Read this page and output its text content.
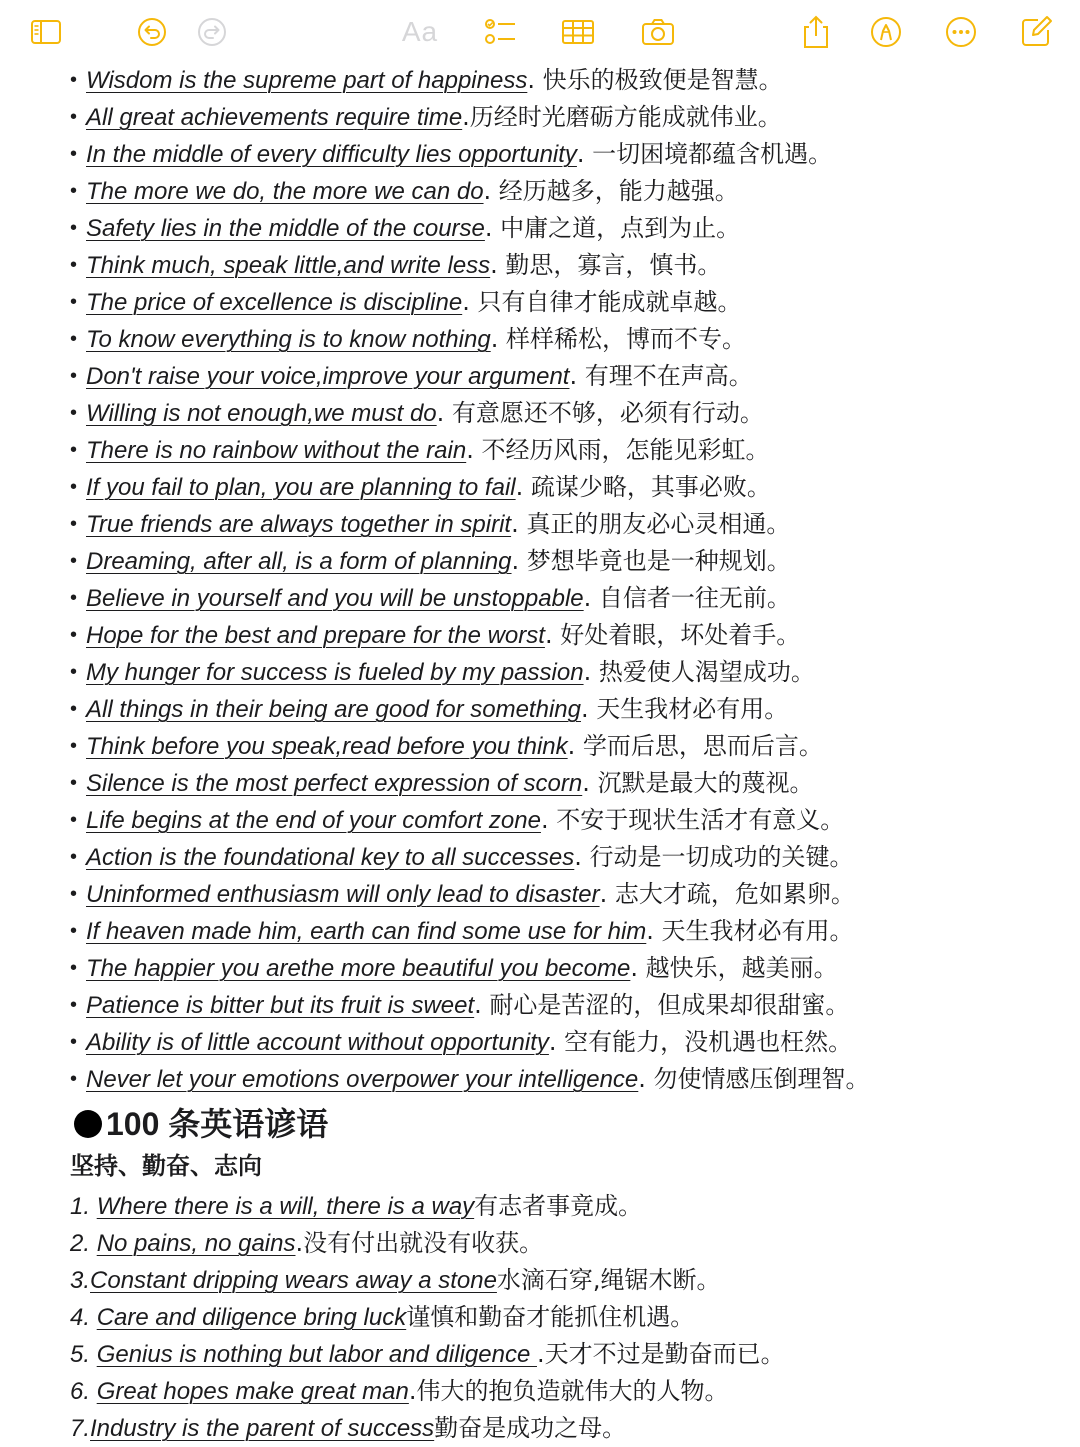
Aa
• Wisdom is the supreme part of happiness. 快乐的极致便是智慧。
• All great achievements require time.历经时光磨砺方能成就伟业。
• In the middle of every difficulty lies opportunity. 一切困境都蕴含机遇。
• The more we do, the more we can do. 经历越多，能力越强。
• Safety lies in the middle of the course. 中庸之道，点到为止。
• Think much, speak little,and write less. 勤思，寡言，慎书。
• The price of excellence is discipline. 只有自律才能成就卓越。
• To know everything is to know nothing. 样样稀松，博而不专。
• Don't raise your voice,improve your argument. 有理不在声高。
• Willing is not enough,we must do. 有意愿还不够，必须有行动。
• There is no rainbow without the rain. 不经历风雨，怎能见彩虹。
• If you fail to plan, you are planning to fail. 疏谋少略，其事必败。
• True friends are always together in spirit. 真正的朋友必心灵相通。
• Dreaming, after all, is a form of planning. 梦想毕竟也是一种规划。
• Believe in yourself and you will be unstoppable. 自信者一往无前。
• Hope for the best and prepare for the worst. 好处着眼，坏处着手。
• My hunger for success is fueled by my passion. 热爱使人渴望成功。
• All things in their being are good for something. 天生我材必有用。
• Think before you speak,read before you think. 学而后思，思而后言。
• Silence is the most perfect expression of scorn. 沉默是最大的蔑视。
• Life begins at the end of your comfort zone. 不安于现状生活才有意义。
• Action is the foundational key to all successes. 行动是一切成功的关键。
• Uninformed enthusiasm will only lead to disaster. 志大才疏，危如累卵。
• If heaven made him, earth can find some use for him. 天生我材必有用。
• The happier you arethe more beautiful you become. 越快乐，越美丽。
• Patience is bitter but its fruit is sweet. 耐心是苦涩的，但成果却很甜蜜。
• Ability is of little account without opportunity. 空有能力，没机遇也枉然。
• Never let your emotions overpower your intelligence. 勿使情感压倒理智。
100 条英语谚语
坚持、勤奋、志向
1. Where there is a will, there is a way有志者事竟成。
2. No pains, no gains.没有付出就没有收获。
3.Constant dripping wears away a stone水滴石穿,绳锯木断。
4. Care and diligence bring luck谨慎和勤奋才能抓住机遇。
5. Genius is nothing but labor and diligence .天才不过是勤奋而已。
6. Great hopes make great man.伟大的抱负造就伟大的人物。
7.Industry is the parent of success勤奋是成功之母。
